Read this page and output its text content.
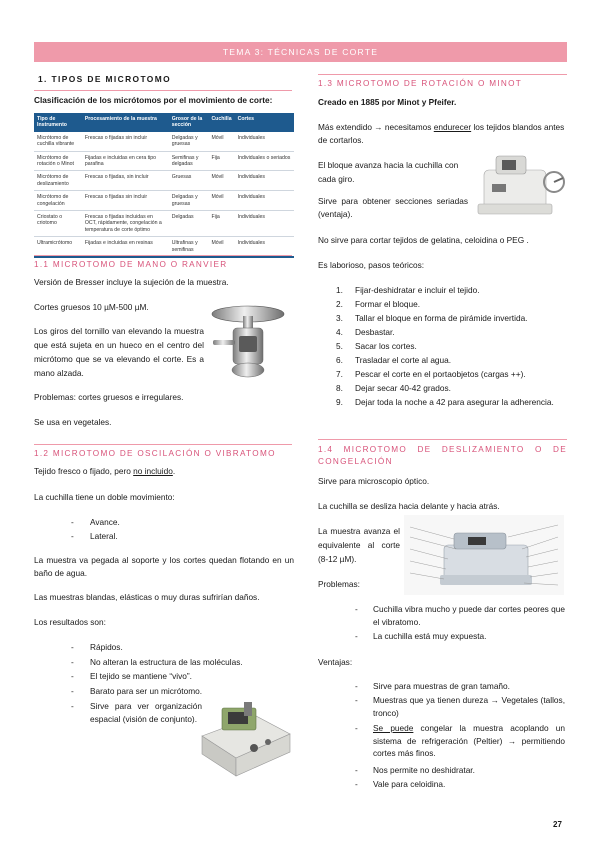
TEMA 3: TÉCNICAS DE CORTE
1. TIPOS DE MICROTOMO
Clasificación de los micrótomos por el movimiento de corte:
Tipo de Instrumento	Procesamiento de la muestra	Grosor de la sección	Cuchilla	Cortes
Micrótomo de cuchilla vibrante	Frescas o fijadas sin incluir	Delgadas y gruesas	Móvil	Individuales
Micrótomo de rotación o Minot	Fijadas e incluidas en cera tipo parafina	Semifinas y delgadas	Fija	Individuales o seriados
Micrótomo de deslizamiento	Frescas o fijadas, sin incluir	Gruesas	Móvil	Individuales
Micrótomo de congelación	Frescas o fijadas sin incluir	Delgadas y gruesas	Móvil	Individuales
Criostato o criotomo	Frescas o fijadas incluidas en OCT, rápidamente, congelación a temperatura de corte óptimo	Delgadas	Fija	Individuales
Ultramicrótomo	Fijadas e incluidas en resinas	Ultrafinas y semifinas	Móvil	Individuales
1.1 MICROTOMO DE MANO O RANVIER
Versión de Bresser incluye la sujeción de la muestra.
Cortes gruesos 10 µM-500 µM.
Los giros del tornillo van elevando la muestra que está sujeta en un hueco en el centro del micrótomo que se va elevando el corte. Es a mano alzada.
Problemas: cortes gruesos e irregulares.
Se usa en vegetales.
1.2 MICROTOMO DE OSCILACIÓN O VIBRATOMO
Tejido fresco o fijado, pero no incluido.
La cuchilla tiene un doble movimiento:
- Avance.
- Lateral.
La muestra va pegada al soporte y los cortes quedan flotando en un baño de agua.
Las muestras blandas, elásticas o muy duras sufrirían daños.
Los resultados son:
- Rápidos.
- No alteran la estructura de las moléculas.
- El tejido se mantiene “vivo”.
- Barato para ser un micrótomo.
- Sirve para ver organización espacial (visión de conjunto).
1.3 MICROTOMO DE ROTACIÓN O MINOT
Creado en 1885 por Minot y Pfeifer.
Más extendido → necesitamos endurecer los tejidos blandos antes de cortarlos.
El bloque avanza hacia la cuchilla con cada giro.
Sirve para obtener secciones seriadas (ventaja).
No sirve para cortar tejidos de gelatina, celoidina o PEG .
Es laborioso, pasos teóricos:
1. Fijar-deshidratar e incluir el tejido.
2. Formar el bloque.
3. Tallar el bloque en forma de pirámide invertida.
4. Desbastar.
5. Sacar los cortes.
6. Trasladar el corte al agua.
7. Pescar el corte en el portaobjetos (cargas ++).
8. Dejar secar 40-42 grados.
9. Dejar toda la noche a 42 para asegurar la adherencia.
1.4 MICROTOMO DE DESLIZAMIENTO O DE CONGELACIÓN
Sirve para microscopio óptico.
La cuchilla se desliza hacia delante y hacia atrás.
La muestra avanza el equivalente al corte (8-12 µM).
Problemas:
- Cuchilla vibra mucho y puede dar cortes peores que el vibratomo.
- La cuchilla está muy expuesta.
Ventajas:
- Sirve para muestras de gran tamaño.
- Muestras que ya tienen dureza → Vegetales (tallos, tronco)
- Se puede congelar la muestra acoplando un sistema de refrigeración (Peltier) → permitiendo cortes más finos.
- Nos permite no deshidratar.
- Vale para celoidina.
27
